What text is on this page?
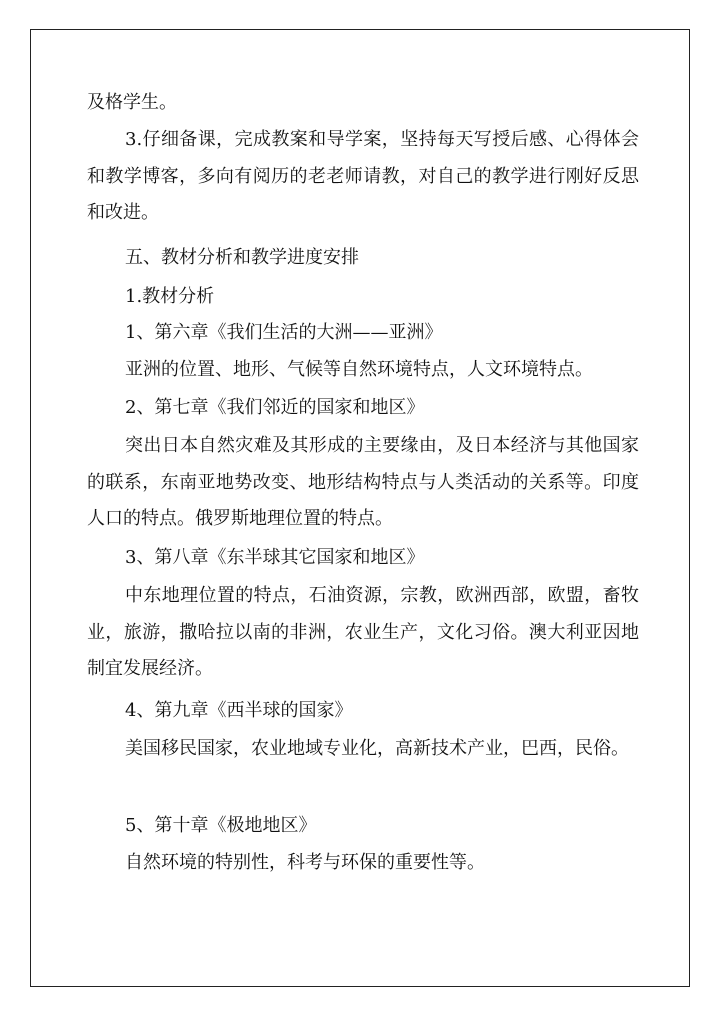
及格学生。

3.仔细备课，完成教案和导学案，坚持每天写授后感、心得体会和教学博客，多向有阅历的老老师请教，对自己的教学进行刚好反思和改进。

五、教材分析和教学进度安排

1.教材分析

1、第六章《我们生活的大洲——亚洲》

亚洲的位置、地形、气候等自然环境特点，人文环境特点。

2、第七章《我们邻近的国家和地区》

突出日本自然灾难及其形成的主要缘由，及日本经济与其他国家的联系，东南亚地势改变、地形结构特点与人类活动的关系等。印度人口的特点。俄罗斯地理位置的特点。

3、第八章《东半球其它国家和地区》

中东地理位置的特点，石油资源，宗教，欧洲西部，欧盟，畜牧业，旅游，撒哈拉以南的非洲，农业生产，文化习俗。澳大利亚因地制宜发展经济。

4、第九章《西半球的国家》

美国移民国家，农业地域专业化，高新技术产业，巴西，民俗。

5、第十章《极地地区》

自然环境的特别性，科考与环保的重要性等。
